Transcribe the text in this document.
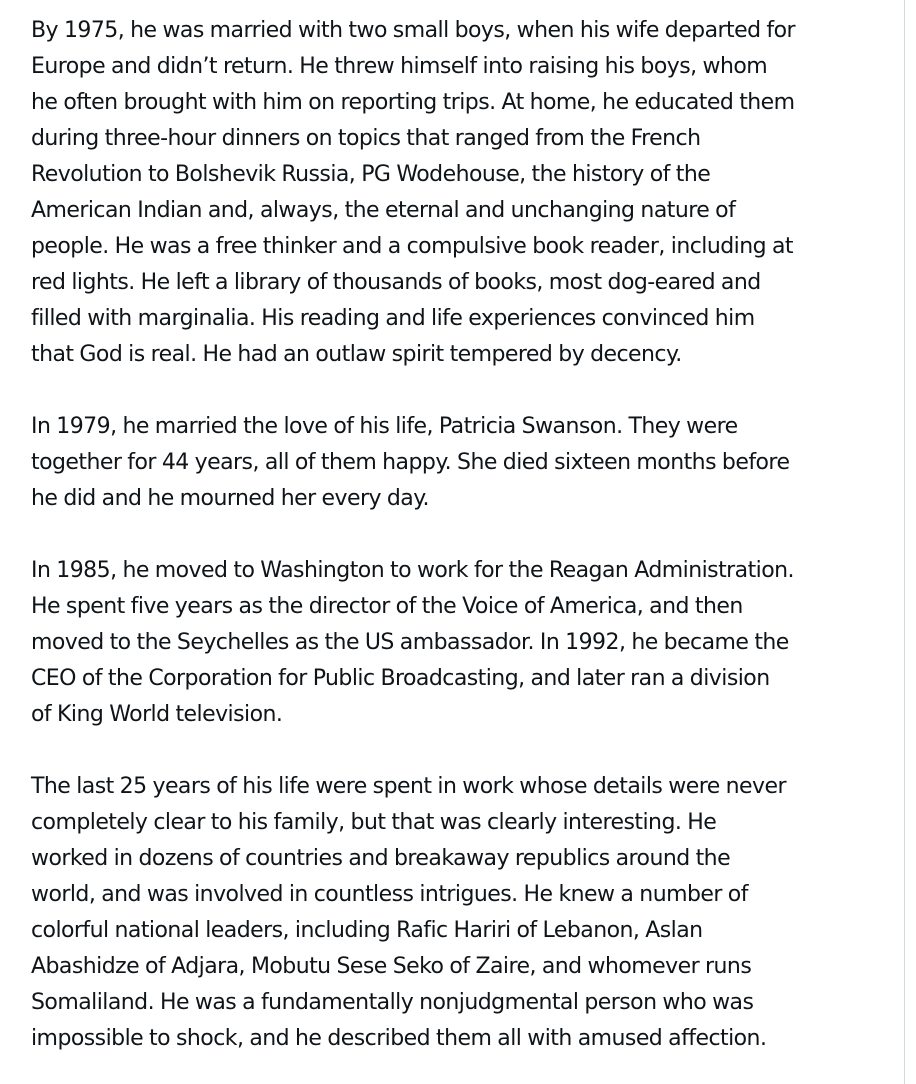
By 1975, he was married with two small boys, when his wife departed for
Europe and didn’t return. He threw himself into raising his boys, whom
he often brought with him on reporting trips. At home, he educated them
during three-hour dinners on topics that ranged from the French
Revolution to Bolshevik Russia, PG Wodehouse, the history of the
American Indian and, always, the eternal and unchanging nature of
people. He was a free thinker and a compulsive book reader, including at
red lights. He left a library of thousands of books, most dog-eared and
filled with marginalia. His reading and life experiences convinced him
that God is real. He had an outlaw spirit tempered by decency.
In 1979, he married the love of his life, Patricia Swanson. They were
together for 44 years, all of them happy. She died sixteen months before
he did and he mourned her every day.
In 1985, he moved to Washington to work for the Reagan Administration.
He spent five years as the director of the Voice of America, and then
moved to the Seychelles as the US ambassador. In 1992, he became the
CEO of the Corporation for Public Broadcasting, and later ran a division
of King World television.
The last 25 years of his life were spent in work whose details were never
completely clear to his family, but that was clearly interesting. He
worked in dozens of countries and breakaway republics around the
world, and was involved in countless intrigues. He knew a number of
colorful national leaders, including Rafic Hariri of Lebanon, Aslan
Abashidze of Adjara, Mobutu Sese Seko of Zaire, and whomever runs
Somaliland. He was a fundamentally nonjudgmental person who was
impossible to shock, and he described them all with amused affection.
